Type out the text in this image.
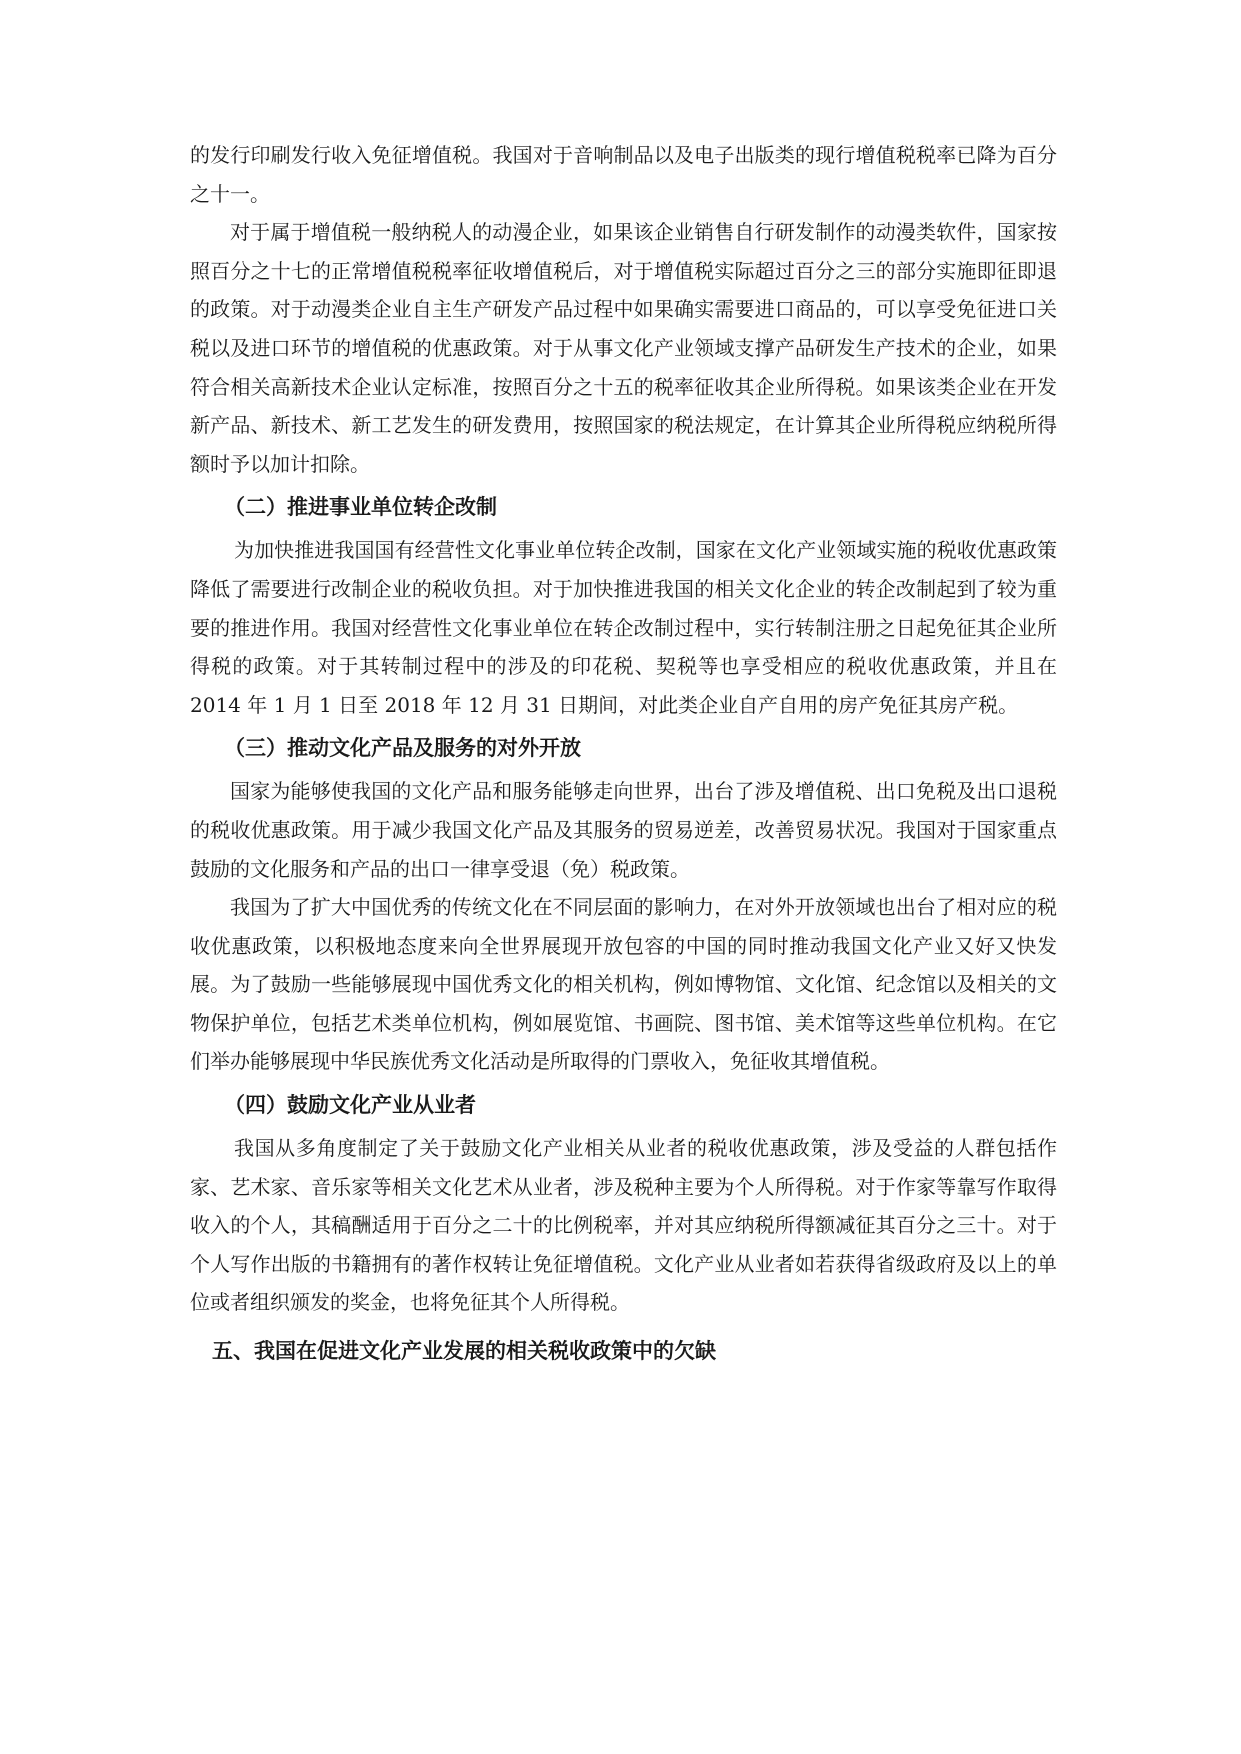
的发行印刷发行收入免征增值税。我国对于音响制品以及电子出版类的现行增值税税率已降为百分之十一。

对于属于增值税一般纳税人的动漫企业，如果该企业销售自行研发制作的动漫类软件，国家按照百分之十七的正常增值税税率征收增值税后，对于增值税实际超过百分之三的部分实施即征即退的政策。对于动漫类企业自主生产研发产品过程中如果确实需要进口商品的，可以享受免征进口关税以及进口环节的增值税的优惠政策。对于从事文化产业领域支撑产品研发生产技术的企业，如果符合相关高新技术企业认定标准，按照百分之十五的税率征收其企业所得税。如果该类企业在开发新产品、新技术、新工艺发生的研发费用，按照国家的税法规定，在计算其企业所得税应纳税所得额时予以加计扣除。

（二）推进事业单位转企改制

为加快推进我国国有经营性文化事业单位转企改制，国家在文化产业领域实施的税收优惠政策降低了需要进行改制企业的税收负担。对于加快推进我国的相关文化企业的转企改制起到了较为重要的推进作用。我国对经营性文化事业单位在转企改制过程中，实行转制注册之日起免征其企业所得税的政策。对于其转制过程中的涉及的印花税、契税等也享受相应的税收优惠政策，并且在 2014 年 1 月 1 日至 2018 年 12 月 31 日期间，对此类企业自产自用的房产免征其房产税。

（三）推动文化产品及服务的对外开放

国家为能够使我国的文化产品和服务能够走向世界，出台了涉及增值税、出口免税及出口退税的税收优惠政策。用于减少我国文化产品及其服务的贸易逆差，改善贸易状况。我国对于国家重点鼓励的文化服务和产品的出口一律享受退（免）税政策。

我国为了扩大中国优秀的传统文化在不同层面的影响力，在对外开放领域也出台了相对应的税收优惠政策，以积极地态度来向全世界展现开放包容的中国的同时推动我国文化产业又好又快发展。为了鼓励一些能够展现中国优秀文化的相关机构，例如博物馆、文化馆、纪念馆以及相关的文物保护单位，包括艺术类单位机构，例如展览馆、书画院、图书馆、美术馆等这些单位机构。在它们举办能够展现中华民族优秀文化活动是所取得的门票收入，免征收其增值税。

（四）鼓励文化产业从业者

我国从多角度制定了关于鼓励文化产业相关从业者的税收优惠政策，涉及受益的人群包括作家、艺术家、音乐家等相关文化艺术从业者，涉及税种主要为个人所得税。对于作家等靠写作取得收入的个人，其稿酬适用于百分之二十的比例税率，并对其应纳税所得额减征其百分之三十。对于个人写作出版的书籍拥有的著作权转让免征增值税。文化产业从业者如若获得省级政府及以上的单位或者组织颁发的奖金，也将免征其个人所得税。

五、我国在促进文化产业发展的相关税收政策中的欠缺
